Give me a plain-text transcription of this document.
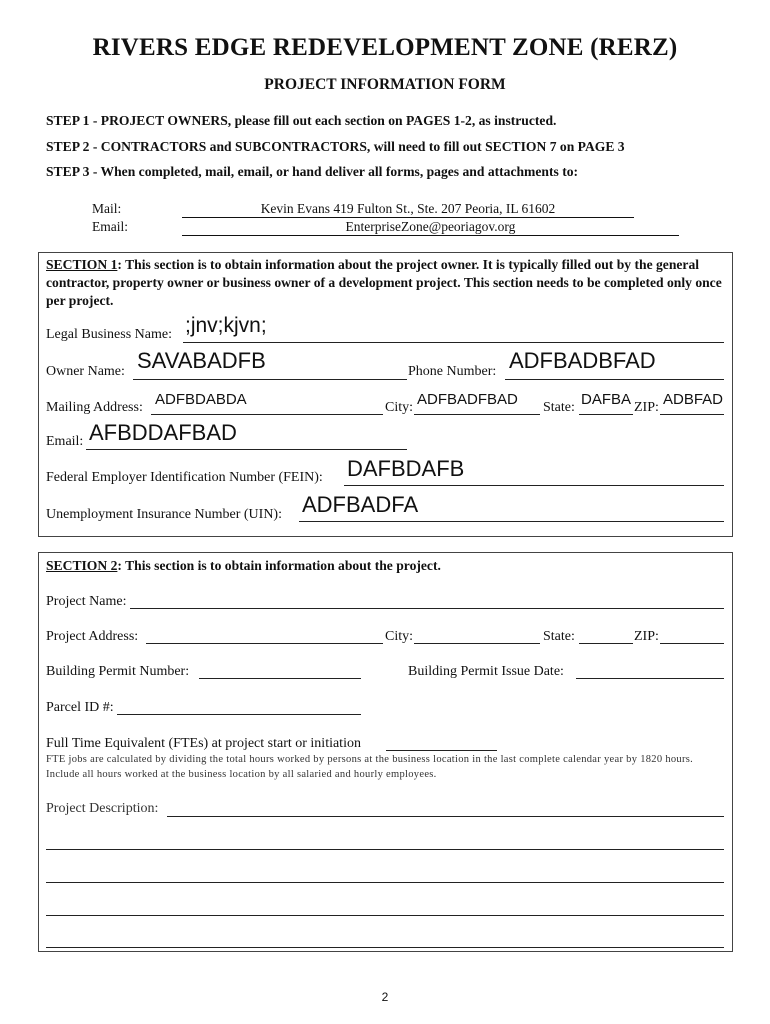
RIVERS EDGE REDEVELOPMENT ZONE (RERZ)
PROJECT INFORMATION FORM
STEP 1 - PROJECT OWNERS, please fill out each section on PAGES 1-2, as instructed.
STEP 2 - CONTRACTORS and SUBCONTRACTORS, will need to fill out SECTION 7 on PAGE 3
STEP 3 - When completed, mail, email, or hand deliver all forms, pages and attachments to:
Mail:	Kevin Evans 419 Fulton St., Ste. 207 Peoria, IL 61602
Email:	EnterpriseZone@peoriagov.org
SECTION 1: This section is to obtain information about the project owner. It is typically filled out by the general contractor, property owner or business owner of a development project. This section needs to be completed only once per project.
Legal Business Name: ;jnv;kjvn;
Owner Name: SAVABADFB	Phone Number: ADFBADBFAD
Mailing Address: ADFBDABDA	City: ADFBADFBAD State: DAFBA ZIP: ADBFAD
Email: AFBDDAFBAD
Federal Employer Identification Number (FEIN): DAFBDAFB
Unemployment Insurance Number (UIN): ADFBADFA
SECTION 2: This section is to obtain information about the project.
Project Name:
Project Address:	City:	State:	ZIP:
Building Permit Number:	Building Permit Issue Date:
Parcel ID #:
Full Time Equivalent (FTEs) at project start or initiation
FTE jobs are calculated by dividing the total hours worked by persons at the business location in the last complete calendar year by 1820 hours. Include all hours worked at the business location by all salaried and hourly employees.
Project Description:
2
